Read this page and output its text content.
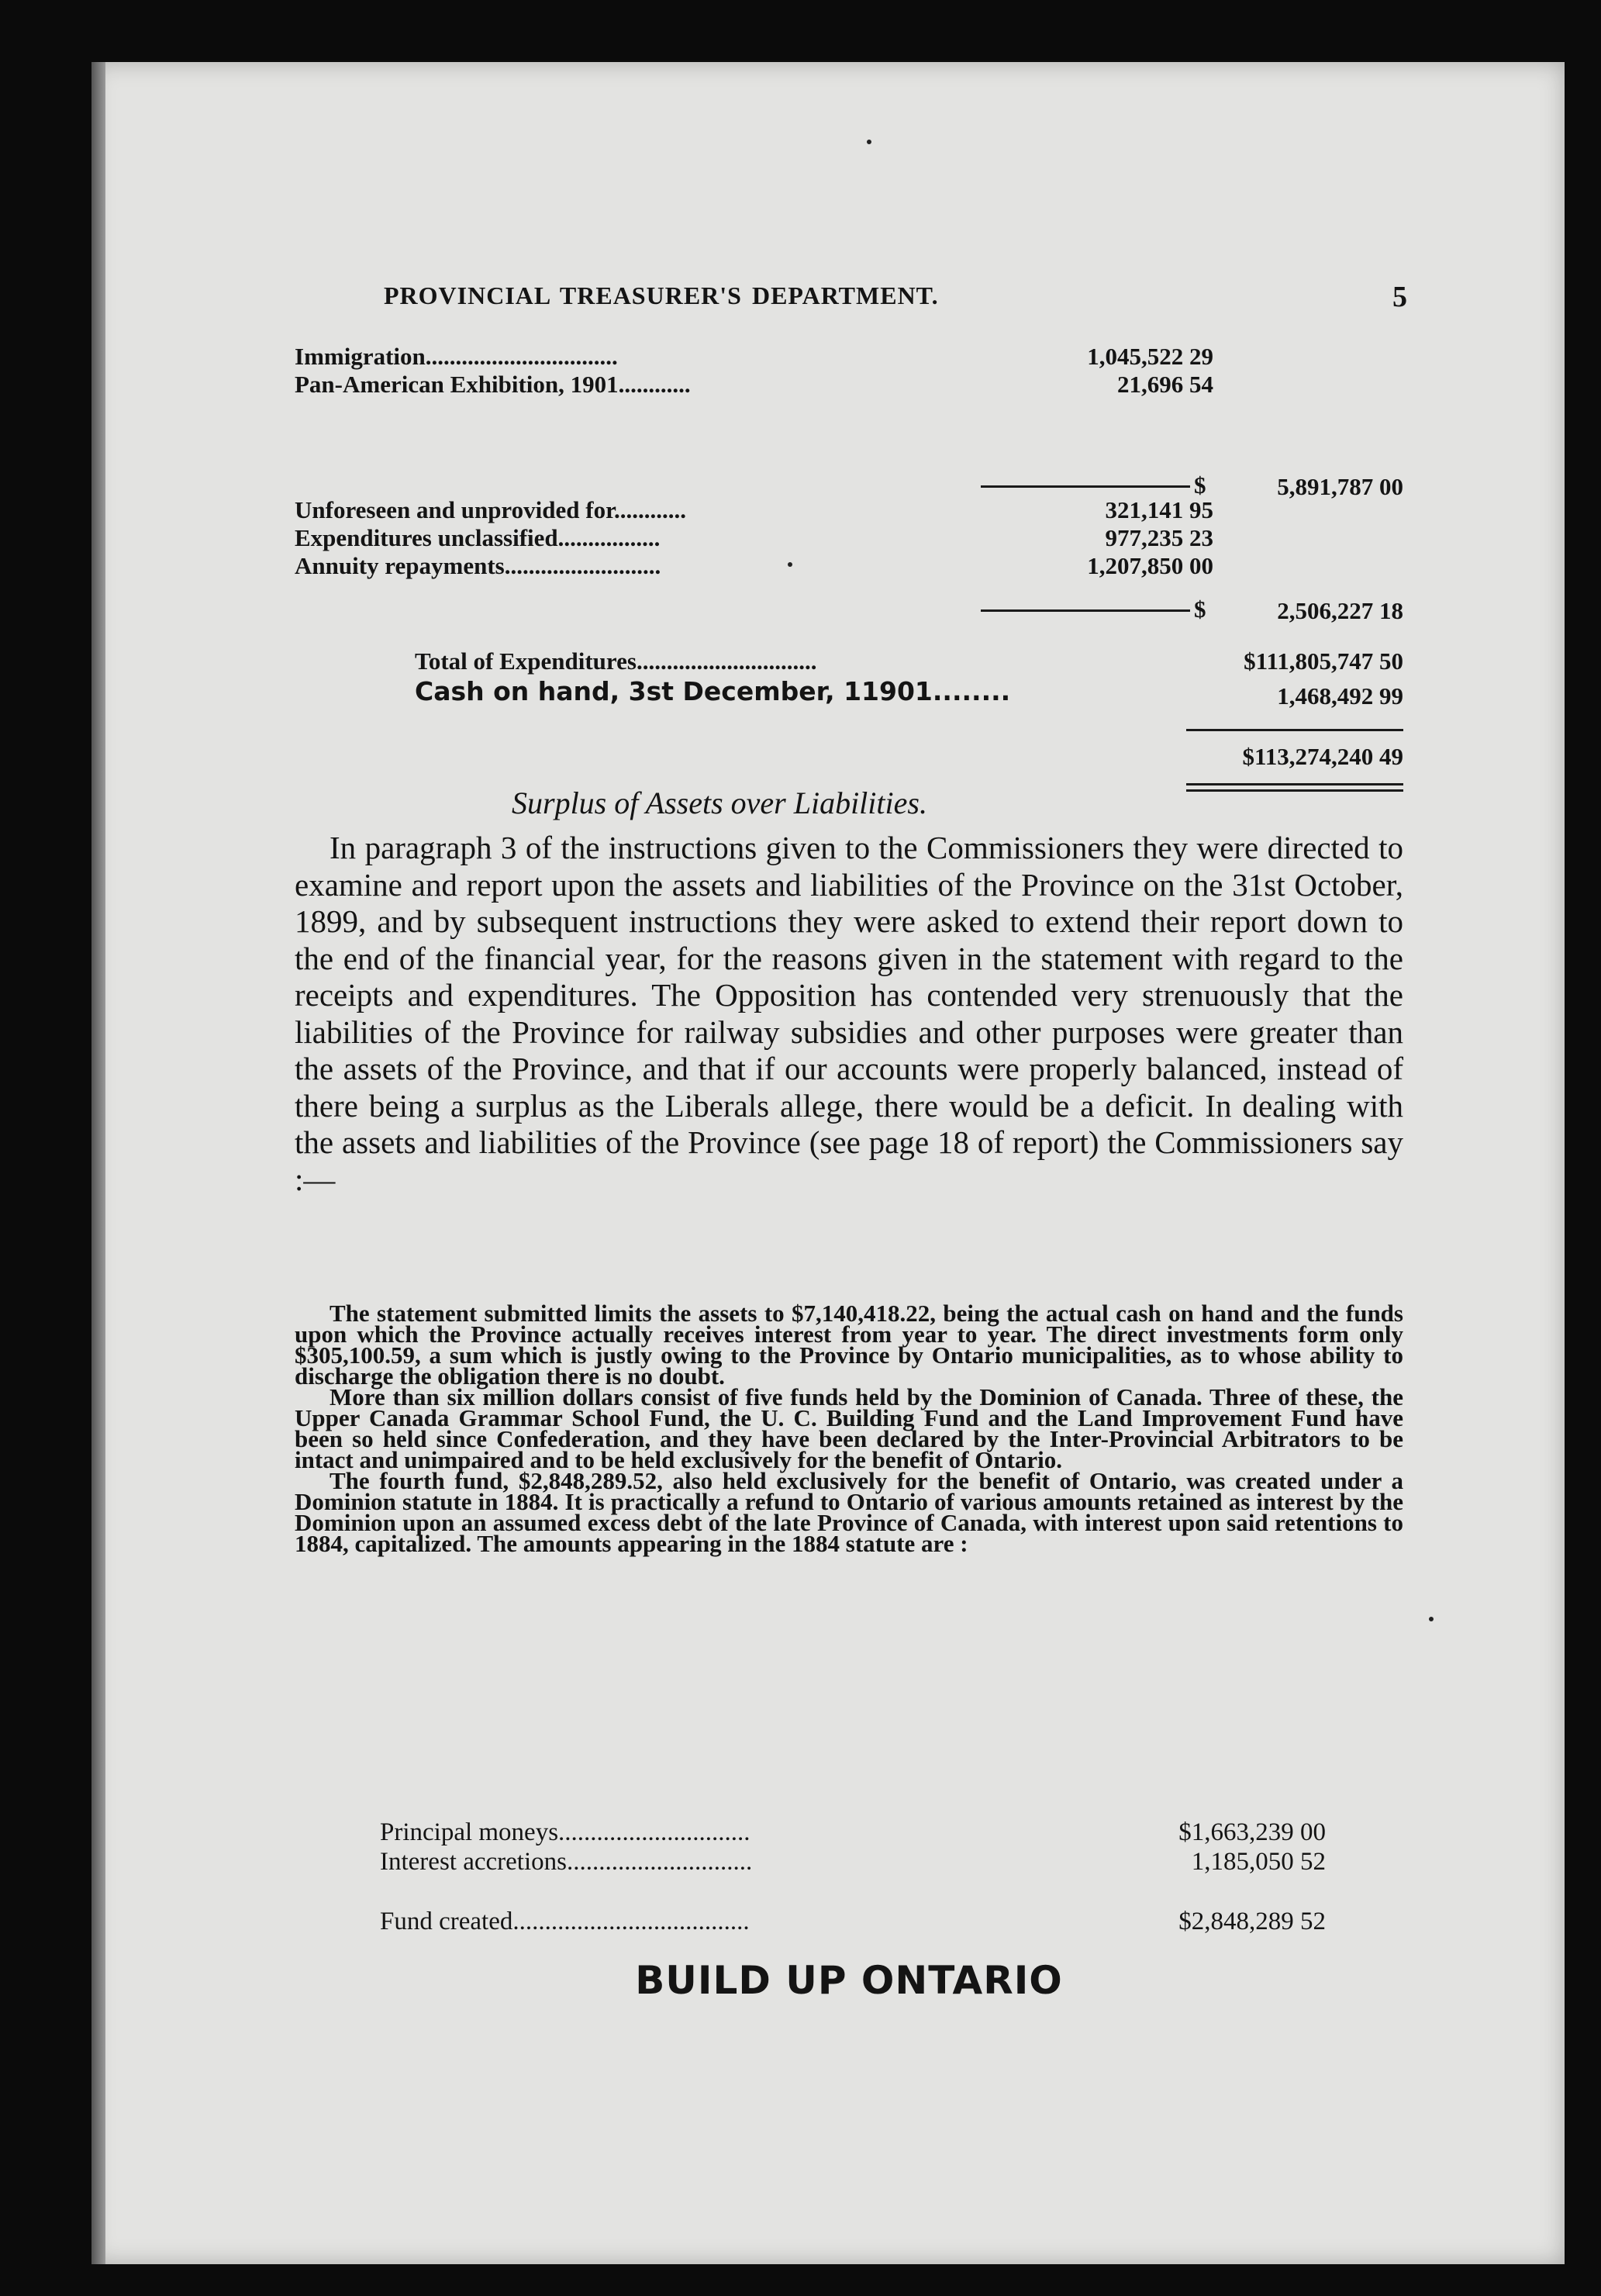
PROVINCIAL TREASURER'S DEPARTMENT.	5
Immigration................................	1,045,522 29
Pan-American Exhibition, 1901............	21,696 54
$	5,891,787 00
Unforeseen and unprovided for............	321,141 95
Expenditures unclassified.................	977,235 23
Annuity repayments..........................	1,207,850 00
$	2,506,227 18
Total of Expenditures..............................	$111,805,747 50
Cash on hand, 3st December, 11901........	1,468,492 99
$113,274,240 49
Surplus of Assets over Liabilities.

In paragraph 3 of the instructions given to the Commissioners they were directed to examine and report upon the assets and liabilities of the Province on the 31st October, 1899, and by subsequent instructions they were asked to extend their report down to the end of the financial year, for the reasons given in the statement with regard to the receipts and expenditures. The Opposition has contended very strenuously that the liabilities of the Province for railway subsidies and other purposes were greater than the assets of the Province, and that if our accounts were properly balanced, instead of there being a surplus as the Liberals allege, there would be a deficit. In dealing with the assets and liabilities of the Province (see page 18 of report) the Commissioners say :—

The statement submitted limits the assets to $7,140,418.22, being the actual cash on hand and the funds upon which the Province actually receives interest from year to year. The direct investments form only $305,100.59, a sum which is justly owing to the Province by Ontario municipalities, as to whose ability to discharge the obligation there is no doubt.

More than six million dollars consist of five funds held by the Dominion of Canada. Three of these, the Upper Canada Grammar School Fund, the U. C. Building Fund and the Land Improvement Fund have been so held since Confederation, and they have been declared by the Inter-Provincial Arbitrators to be intact and unimpaired and to be held exclusively for the benefit of Ontario.

The fourth fund, $2,848,289.52, also held exclusively for the benefit of Ontario, was created under a Dominion statute in 1884. It is practically a refund to Ontario of various amounts retained as interest by the Dominion upon an assumed excess debt of the late Province of Canada, with interest upon said retentions to 1884, capitalized. The amounts appearing in the 1884 statute are :

Principal moneys..............................	$1,663,239 00
Interest accretions.............................	1,185,050 52
Fund created.....................................	$2,848,289 52
BUILD UP ONTARIO
